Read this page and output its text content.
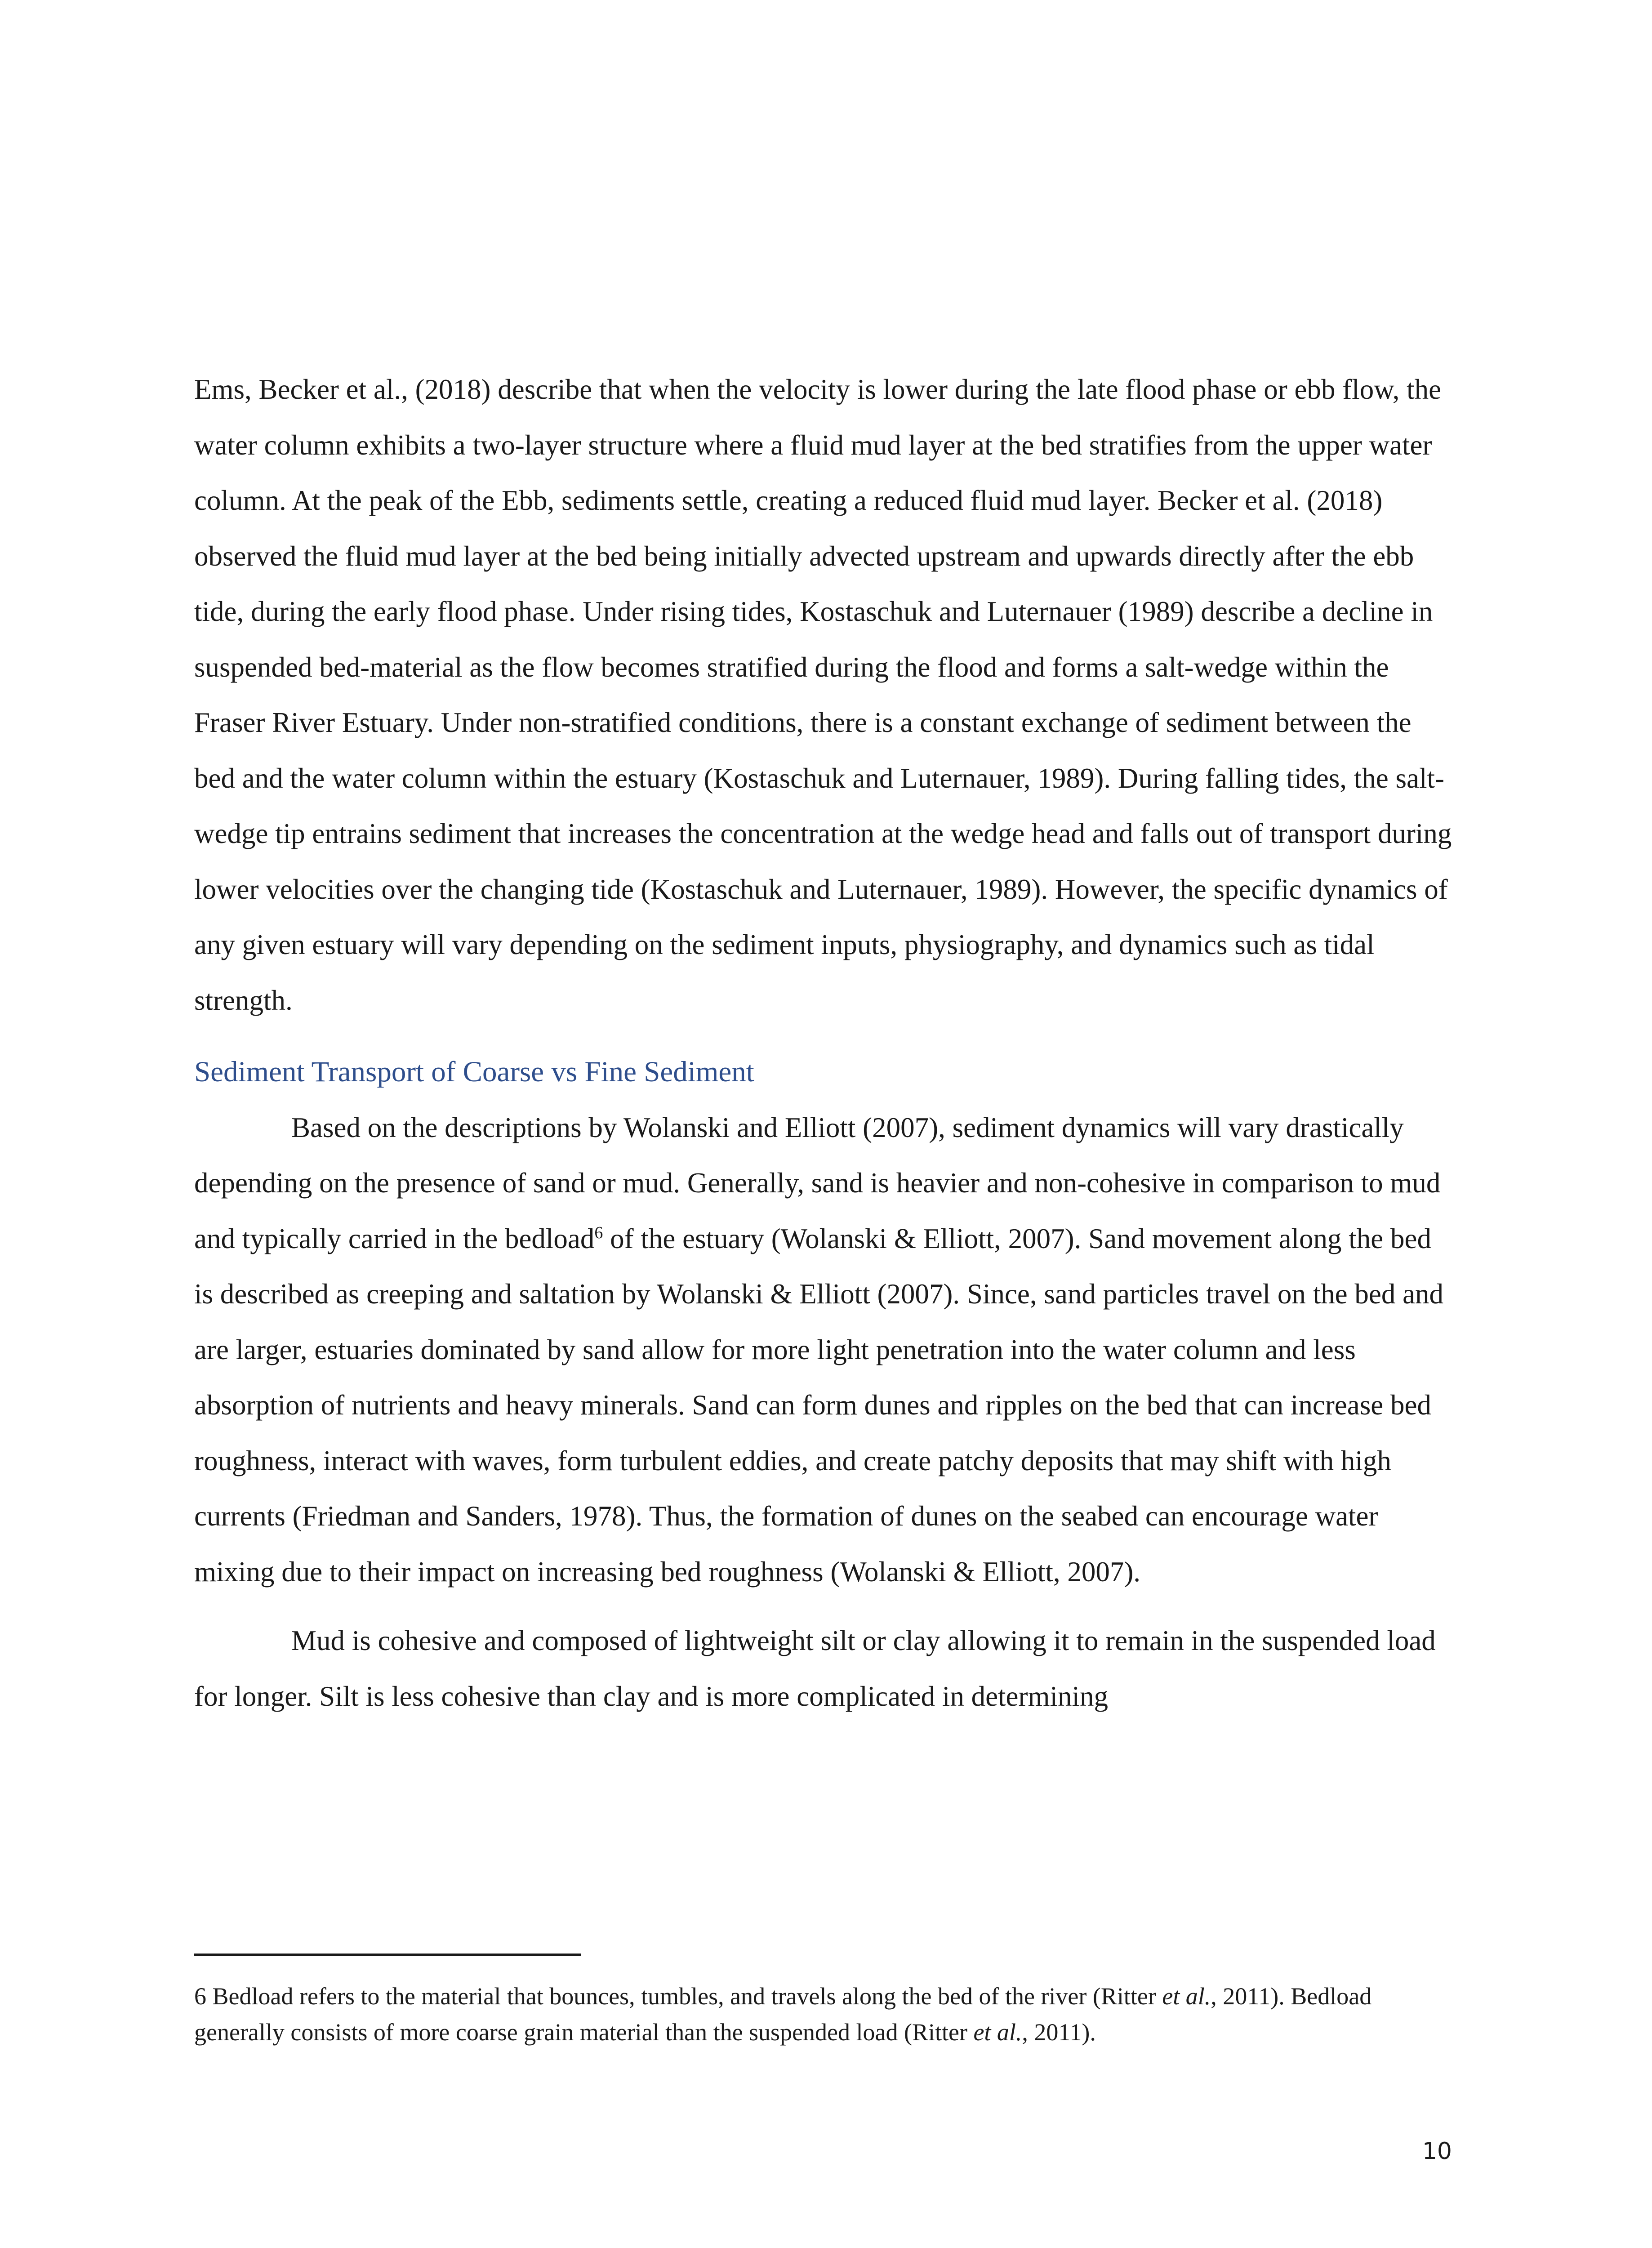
Ems, Becker et al., (2018) describe that when the velocity is lower during the late flood phase or ebb flow, the water column exhibits a two-layer structure where a fluid mud layer at the bed stratifies from the upper water column. At the peak of the Ebb, sediments settle, creating a reduced fluid mud layer. Becker et al. (2018) observed the fluid mud layer at the bed being initially advected upstream and upwards directly after the ebb tide, during the early flood phase. Under rising tides, Kostaschuk and Luternauer (1989) describe a decline in suspended bed-material as the flow becomes stratified during the flood and forms a salt-wedge within the Fraser River Estuary. Under non-stratified conditions, there is a constant exchange of sediment between the bed and the water column within the estuary (Kostaschuk and Luternauer, 1989). During falling tides, the salt-wedge tip entrains sediment that increases the concentration at the wedge head and falls out of transport during lower velocities over the changing tide (Kostaschuk and Luternauer, 1989). However, the specific dynamics of any given estuary will vary depending on the sediment inputs, physiography, and dynamics such as tidal strength.

Sediment Transport of Coarse vs Fine Sediment

Based on the descriptions by Wolanski and Elliott (2007), sediment dynamics will vary drastically depending on the presence of sand or mud. Generally, sand is heavier and non-cohesive in comparison to mud and typically carried in the bedload$^6$ of the estuary (Wolanski & Elliott, 2007). Sand movement along the bed is described as creeping and saltation by Wolanski & Elliott (2007). Since, sand particles travel on the bed and are larger, estuaries dominated by sand allow for more light penetration into the water column and less absorption of nutrients and heavy minerals. Sand can form dunes and ripples on the bed that can increase bed roughness, interact with waves, form turbulent eddies, and create patchy deposits that may shift with high currents (Friedman and Sanders, 1978). Thus, the formation of dunes on the seabed can encourage water mixing due to their impact on increasing bed roughness (Wolanski & Elliott, 2007).

Mud is cohesive and composed of lightweight silt or clay allowing it to remain in the suspended load for longer. Silt is less cohesive than clay and is more complicated in determining

6 Bedload refers to the material that bounces, tumbles, and travels along the bed of the river (Ritter et al., 2011). Bedload generally consists of more coarse grain material than the suspended load (Ritter et al., 2011).

10
